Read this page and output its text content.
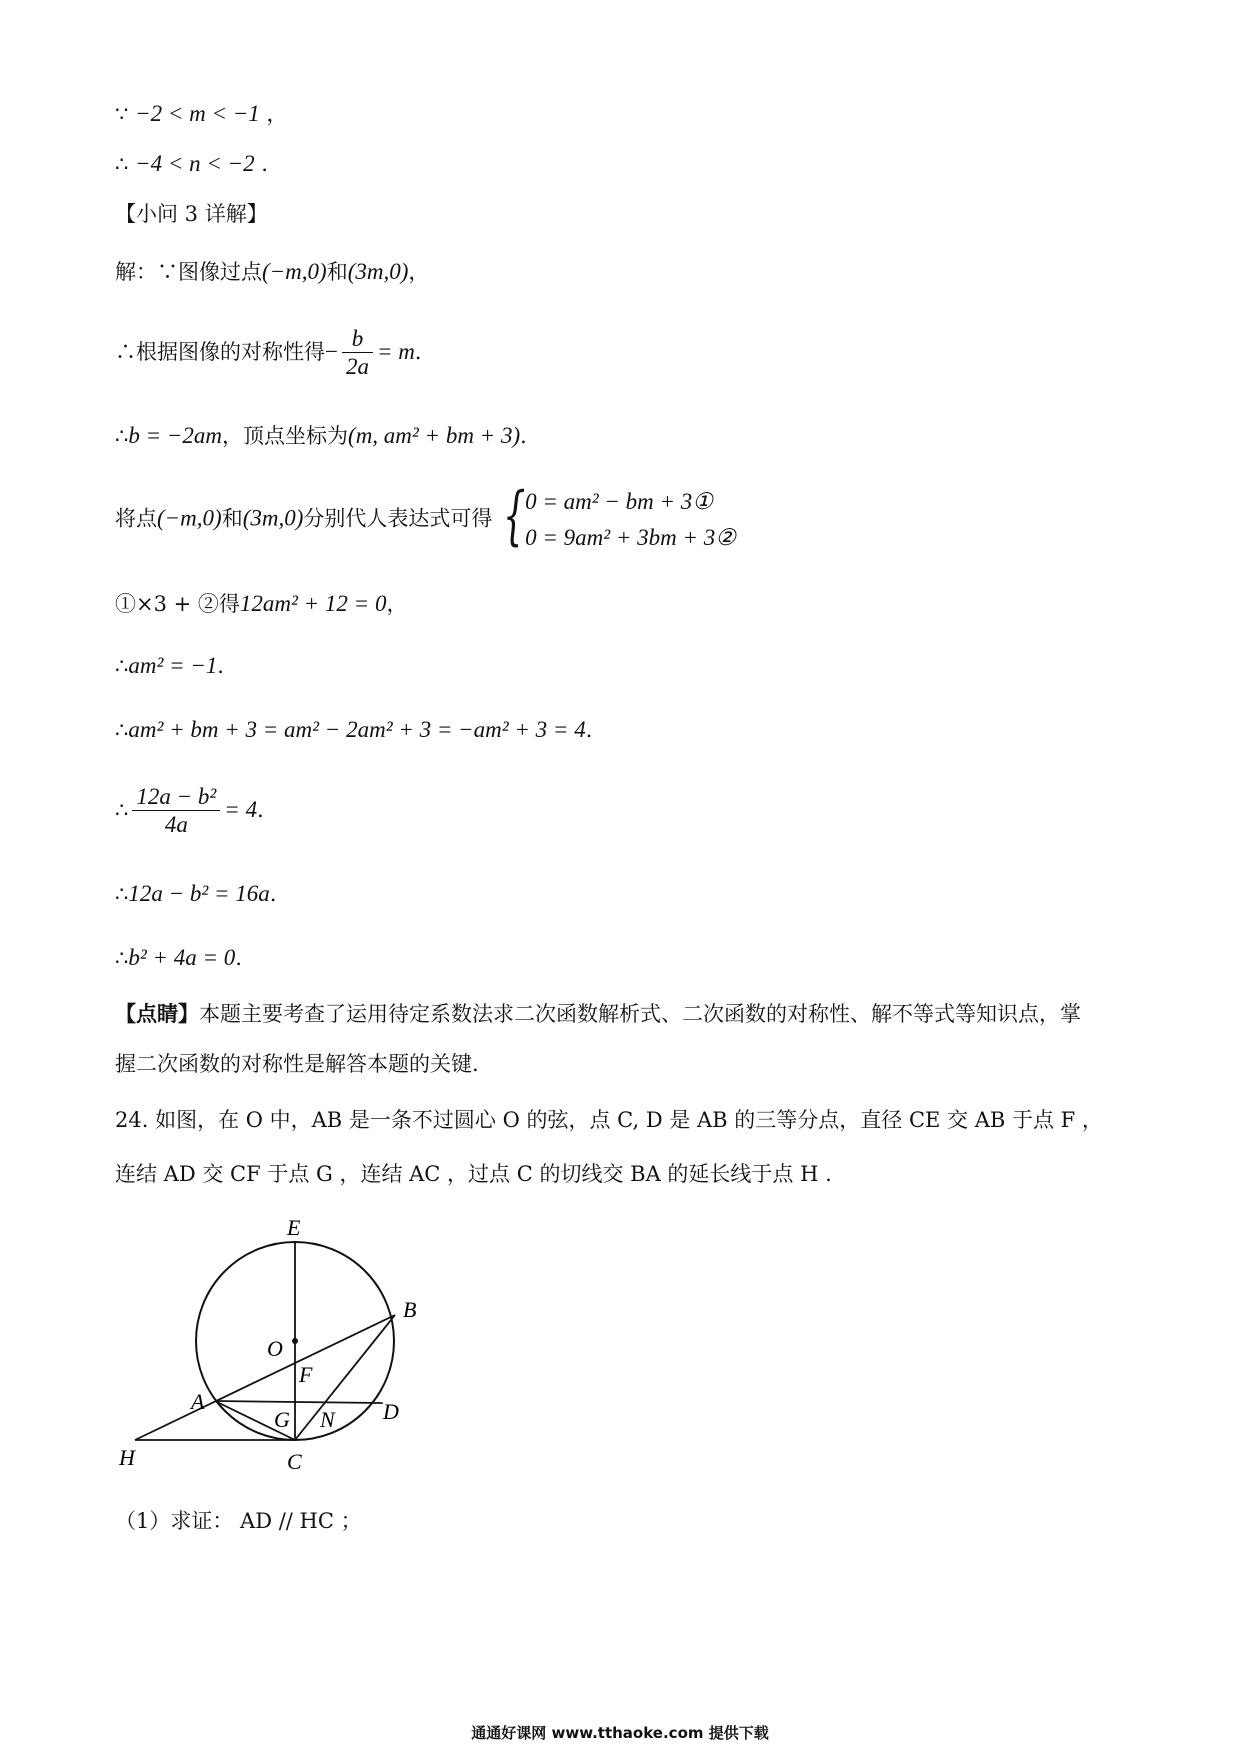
∵ −2 < m < −1 ，
∴ −4 < n < −2 ．
【小问 3 详解】
解：∵图像过点(−m,0)和(3m,0)，
∴根据图像的对称性得− $\frac{b}{2a} = m$．
∴b = −2am，顶点坐标为(m, am² + bm + 3)．
将点(−m,0)和(3m,0)分别代人表达式可得 { 0 = am² − bm + 3①
0 = 9am² + 3bm + 3②
①×3 + ②得12am² + 12 = 0，
∴am² = −1．
∴am² + bm + 3 = am² − 2am² + 3 = −am² + 3 = 4．
∴ $\frac{\text{12a − b²}}{4a} = 4$．
∴12a − b² = 16a．
∴b² + 4a = 0．
【点睛】本题主要考查了运用待定系数法求二次函数解析式、二次函数的对称性、解不等式等知识点，掌
握二次函数的对称性是解答本题的关键.
24. 如图，在 O 中，AB 是一条不过圆心 O 的弦，点 C, D 是 AB 的三等分点，直径 CE 交 AB 于点 F ，
连结 AD 交 CF 于点 G ，连结 AC ，过点 C 的切线交 BA 的延长线于点 H .
E
B
O
F
A
G N D
H	C
（1）求证： AD // HC ；
通通好课网 www.tthaoke.com 提供下载
